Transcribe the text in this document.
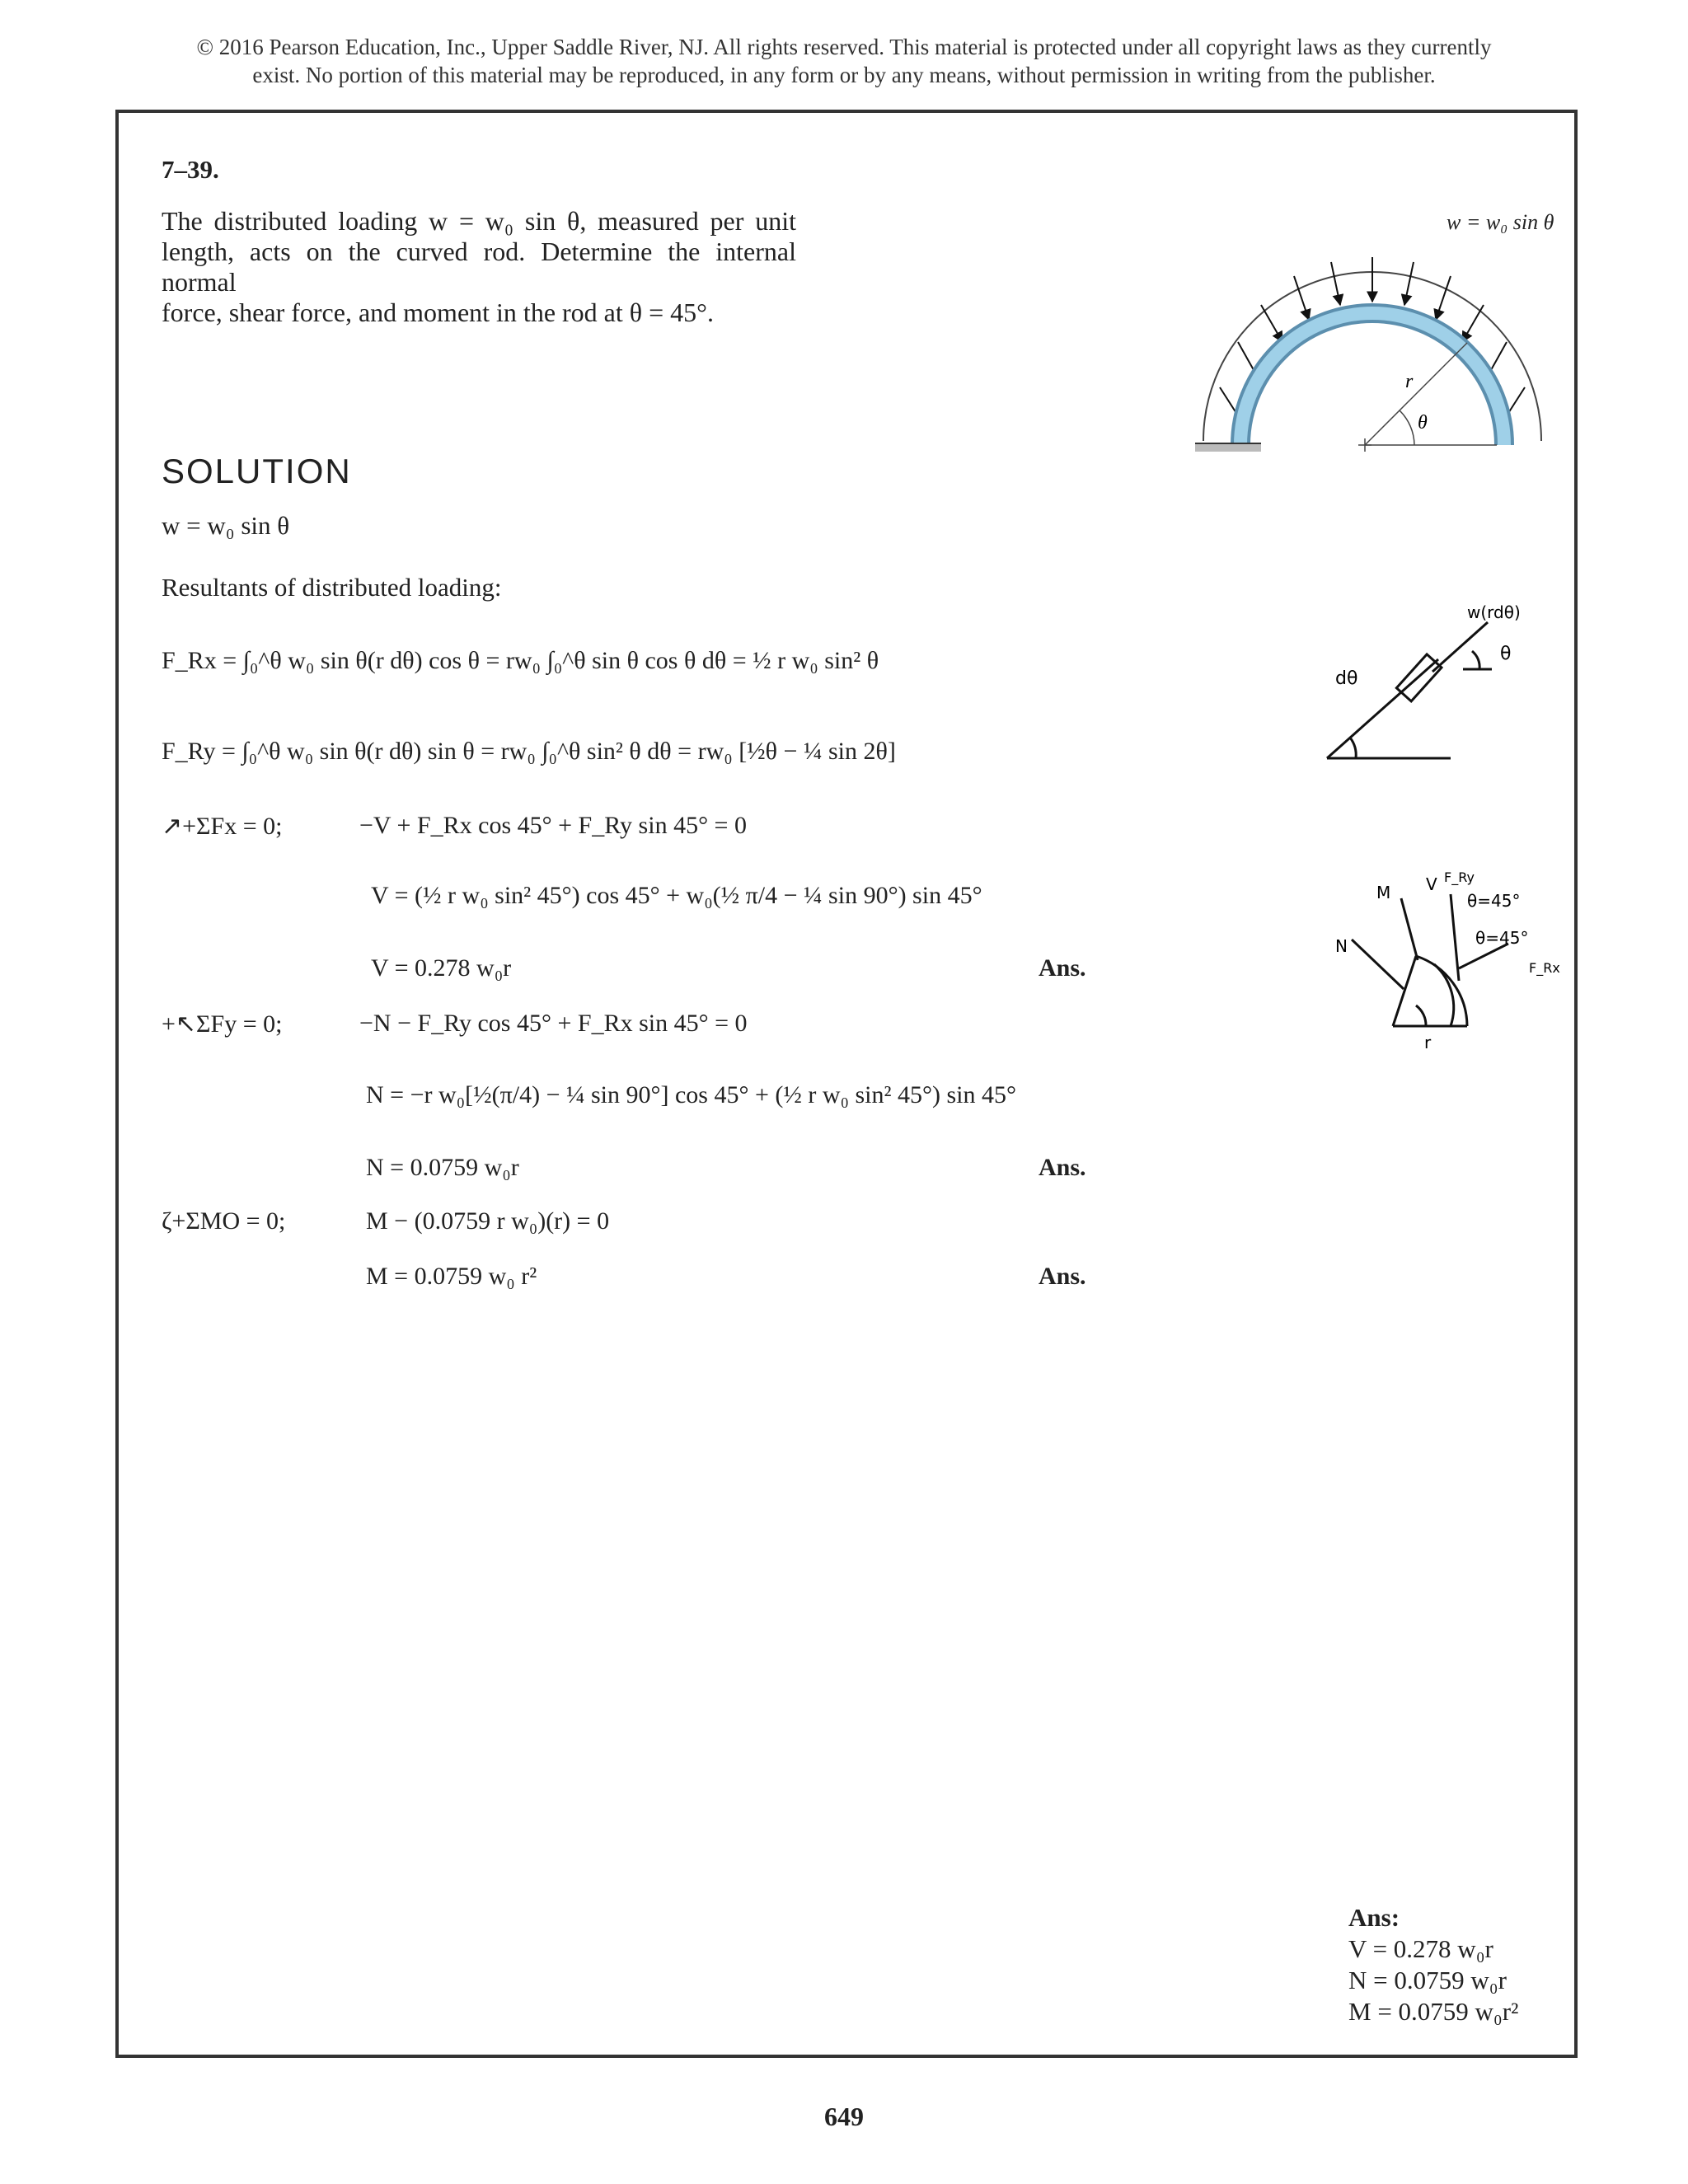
© 2016 Pearson Education, Inc., Upper Saddle River, NJ. All rights reserved. This material is protected under all copyright laws as they currently
exist. No portion of this material may be reproduced, in any form or by any means, without permission in writing from the publisher.
7–39.
The distributed loading w = w₀ sin θ, measured per unit
length, acts on the curved rod. Determine the internal normal
force, shear force, and moment in the rod at θ = 45°.
r
θ
w = w₀ sin θ
SOLUTION
w = w₀ sin θ
Resultants of distributed loading:
F_Rx = ∫₀^θ w₀ sin θ(r dθ) cos θ = rw₀ ∫₀^θ sin θ cos θ dθ = ½ r w₀ sin² θ
F_Ry = ∫₀^θ w₀ sin θ(r dθ) sin θ = rw₀ ∫₀^θ sin² θ dθ = rw₀ [½θ − ¼ sin 2θ]
↗+ΣFx = 0;	−V + F_Rx cos 45° + F_Ry sin 45° = 0
V = (½ r w₀ sin² 45°) cos 45° + w₀(½ π/4 − ¼ sin 90°) sin 45°
V = 0.278 w₀r	Ans.
+↖ΣFy = 0;	−N − F_Ry cos 45° + F_Rx sin 45° = 0
N = −r w₀[½(π/4) − ¼ sin 90°] cos 45° + (½ r w₀ sin² 45°) sin 45°
N = 0.0759 w₀r	Ans.
ζ+ΣMO = 0;	M − (0.0759 r w₀)(r) = 0
M = 0.0759 w₀ r²	Ans.
w(rdθ)
θ
dθ
M V F_Ry
θ=45°
θ=45°
F_Rx
N
r
Ans:
V = 0.278 w₀r
N = 0.0759 w₀r
M = 0.0759 w₀r²
649
